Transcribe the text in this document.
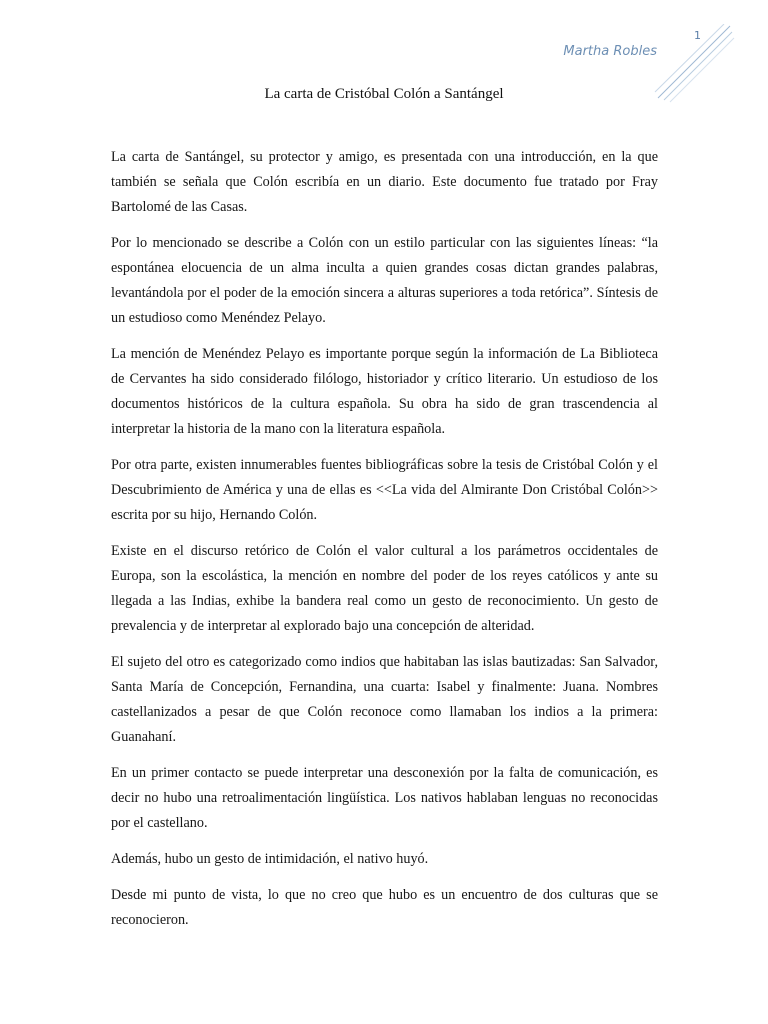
1
Martha Robles
La carta de Cristóbal Colón a Santángel

La carta de Santángel, su protector y amigo, es presentada con una introducción, en la que también se señala que Colón escribía en un diario. Este documento fue tratado por Fray Bartolomé de las Casas.

Por lo mencionado se describe a Colón con un estilo particular con las siguientes líneas: “la espontánea elocuencia de un alma inculta a quien grandes cosas dictan grandes palabras, levantándola por el poder de la emoción sincera a alturas superiores a toda retórica”. Síntesis de un estudioso como Menéndez Pelayo.

La mención de Menéndez Pelayo es importante porque según la información de La Biblioteca de Cervantes ha sido considerado filólogo, historiador y crítico literario. Un estudioso de los documentos históricos de la cultura española. Su obra ha sido de gran trascendencia al interpretar la historia de la mano con la literatura española.

Por otra parte, existen innumerables fuentes bibliográficas sobre la tesis de Cristóbal Colón y el Descubrimiento de América y una de ellas es <<La vida del Almirante Don Cristóbal Colón>> escrita por su hijo, Hernando Colón.

Existe en el discurso retórico de Colón el valor cultural a los parámetros occidentales de Europa, son la escolástica, la mención en nombre del poder de los reyes católicos y ante su llegada a las Indias, exhibe la bandera real como un gesto de reconocimiento. Un gesto de prevalencia y de interpretar al explorado bajo una concepción de alteridad.

El sujeto del otro es categorizado como indios que habitaban las islas bautizadas: San Salvador, Santa María de Concepción, Fernandina, una cuarta: Isabel y finalmente: Juana. Nombres castellanizados a pesar de que Colón reconoce como llamaban los indios a la primera: Guanahaní.

En un primer contacto se puede interpretar una desconexión por la falta de comunicación, es decir no hubo una retroalimentación lingüística. Los nativos hablaban lenguas no reconocidas por el castellano.

Además, hubo un gesto de intimidación, el nativo huyó.

Desde mi punto de vista, lo que no creo que hubo es un encuentro de dos culturas que se reconocieron.
